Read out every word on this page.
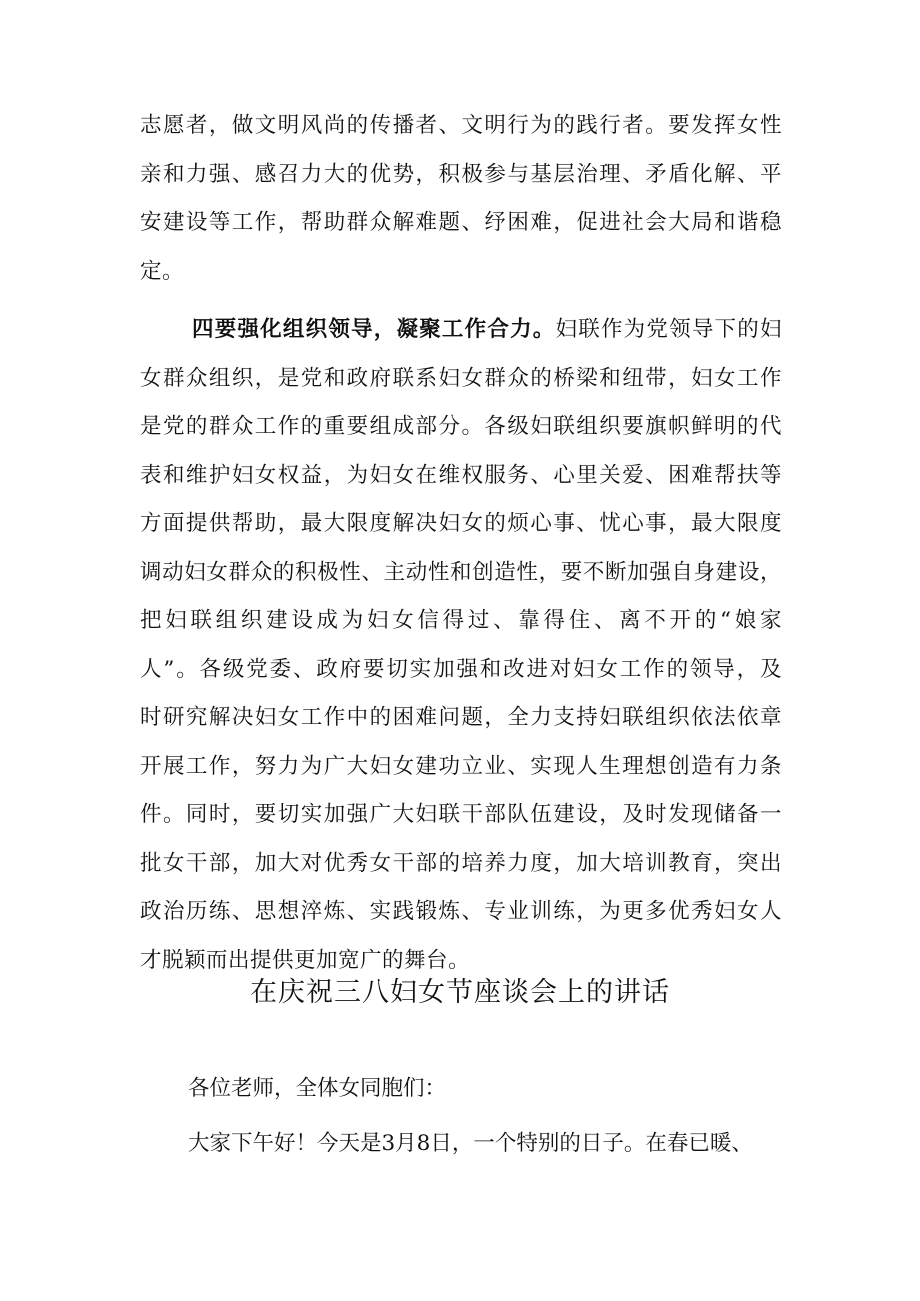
志愿者，做文明风尚的传播者、文明行为的践行者。要发挥女性
亲和力强、感召力大的优势，积极参与基层治理、矛盾化解、平
安建设等工作，帮助群众解难题、纾困难，促进社会大局和谐稳
定。
四要强化组织领导，凝聚工作合力。妇联作为党领导下的妇
女群众组织，是党和政府联系妇女群众的桥梁和纽带，妇女工作
是党的群众工作的重要组成部分。各级妇联组织要旗帜鲜明的代
表和维护妇女权益，为妇女在维权服务、心里关爱、困难帮扶等
方面提供帮助，最大限度解决妇女的烦心事、忧心事，最大限度
调动妇女群众的积极性、主动性和创造性，要不断加强自身建设，
把妇联组织建设成为妇女信得过、靠得住、离不开的“娘家
人”。各级党委、政府要切实加强和改进对妇女工作的领导，及
时研究解决妇女工作中的困难问题，全力支持妇联组织依法依章
开展工作，努力为广大妇女建功立业、实现人生理想创造有力条
件。同时，要切实加强广大妇联干部队伍建设，及时发现储备一
批女干部，加大对优秀女干部的培养力度，加大培训教育，突出
政治历练、思想淬炼、实践锻炼、专业训练，为更多优秀妇女人
才脱颖而出提供更加宽广的舞台。
在庆祝三八妇女节座谈会上的讲话

各位老师，全体女同胞们：

大家下午好！今天是3月8日，一个特别的日子。在春已暖、
